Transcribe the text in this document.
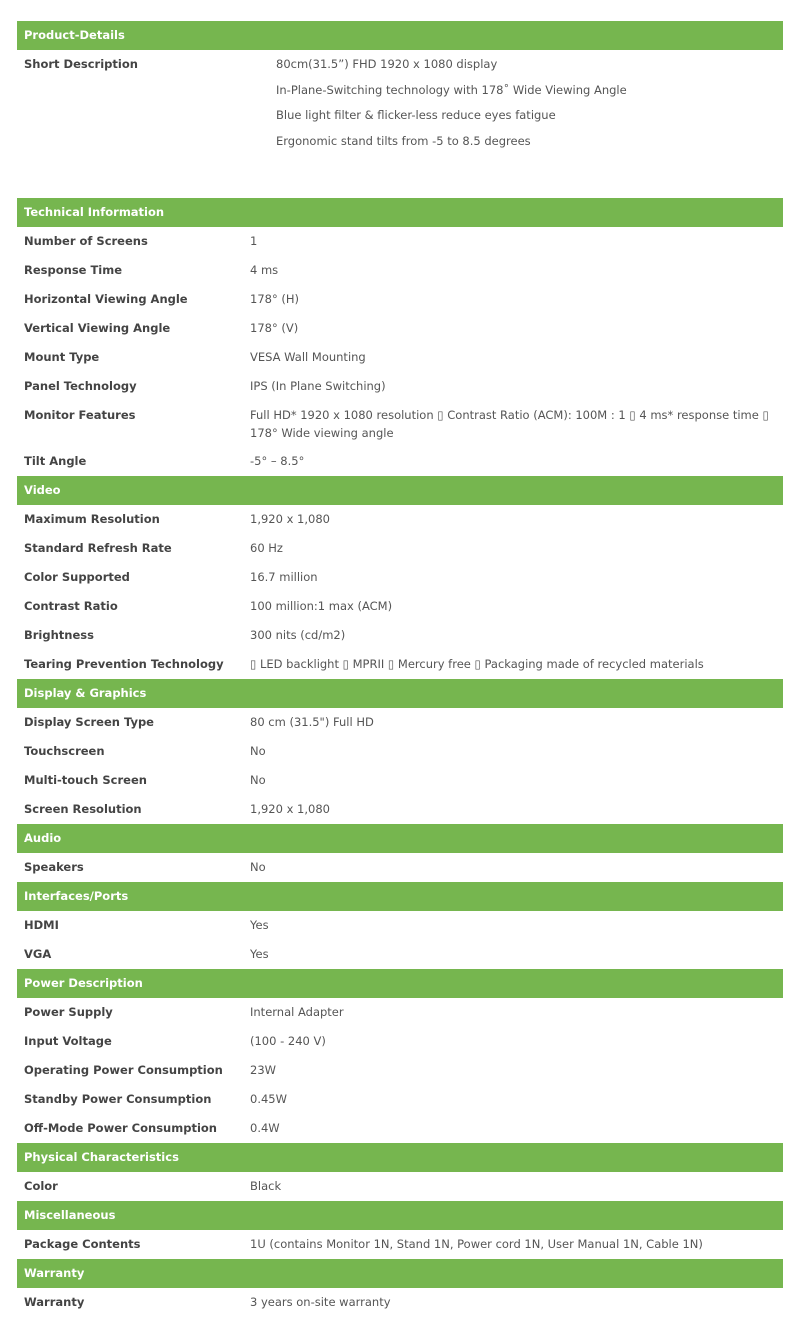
Product-Details
Short Description	80cm(31.5”) FHD 1920 x 1080 display
In-Plane-Switching technology with 178˚ Wide Viewing Angle
Blue light filter & flicker-less reduce eyes fatigue
Ergonomic stand tilts from -5 to 8.5 degrees
Technical Information
Number of Screens	1
Response Time	4 ms
Horizontal Viewing Angle	178° (H)
Vertical Viewing Angle	178° (V)
Mount Type	VESA Wall Mounting
Panel Technology	IPS (In Plane Switching)
Monitor Features	Full HD* 1920 x 1080 resolution ▯ Contrast Ratio (ACM): 100M : 1 ▯ 4 ms* response time ▯ 178° Wide viewing angle
Tilt Angle	-5° – 8.5°
Video
Maximum Resolution	1,920 x 1,080
Standard Refresh Rate	60 Hz
Color Supported	16.7 million
Contrast Ratio	100 million:1 max (ACM)
Brightness	300 nits (cd/m2)
Tearing Prevention Technology	▯ LED backlight ▯ MPRII ▯ Mercury free ▯ Packaging made of recycled materials
Display & Graphics
Display Screen Type	80 cm (31.5") Full HD
Touchscreen	No
Multi-touch Screen	No
Screen Resolution	1,920 x 1,080
Audio
Speakers	No
Interfaces/Ports
HDMI	Yes
VGA	Yes
Power Description
Power Supply	Internal Adapter
Input Voltage	(100 - 240 V)
Operating Power Consumption	23W
Standby Power Consumption	0.45W
Off-Mode Power Consumption	0.4W
Physical Characteristics
Color	Black
Miscellaneous
Package Contents	1U (contains Monitor 1N, Stand 1N, Power cord 1N, User Manual 1N, Cable 1N)
Warranty
Warranty	3 years on-site warranty
